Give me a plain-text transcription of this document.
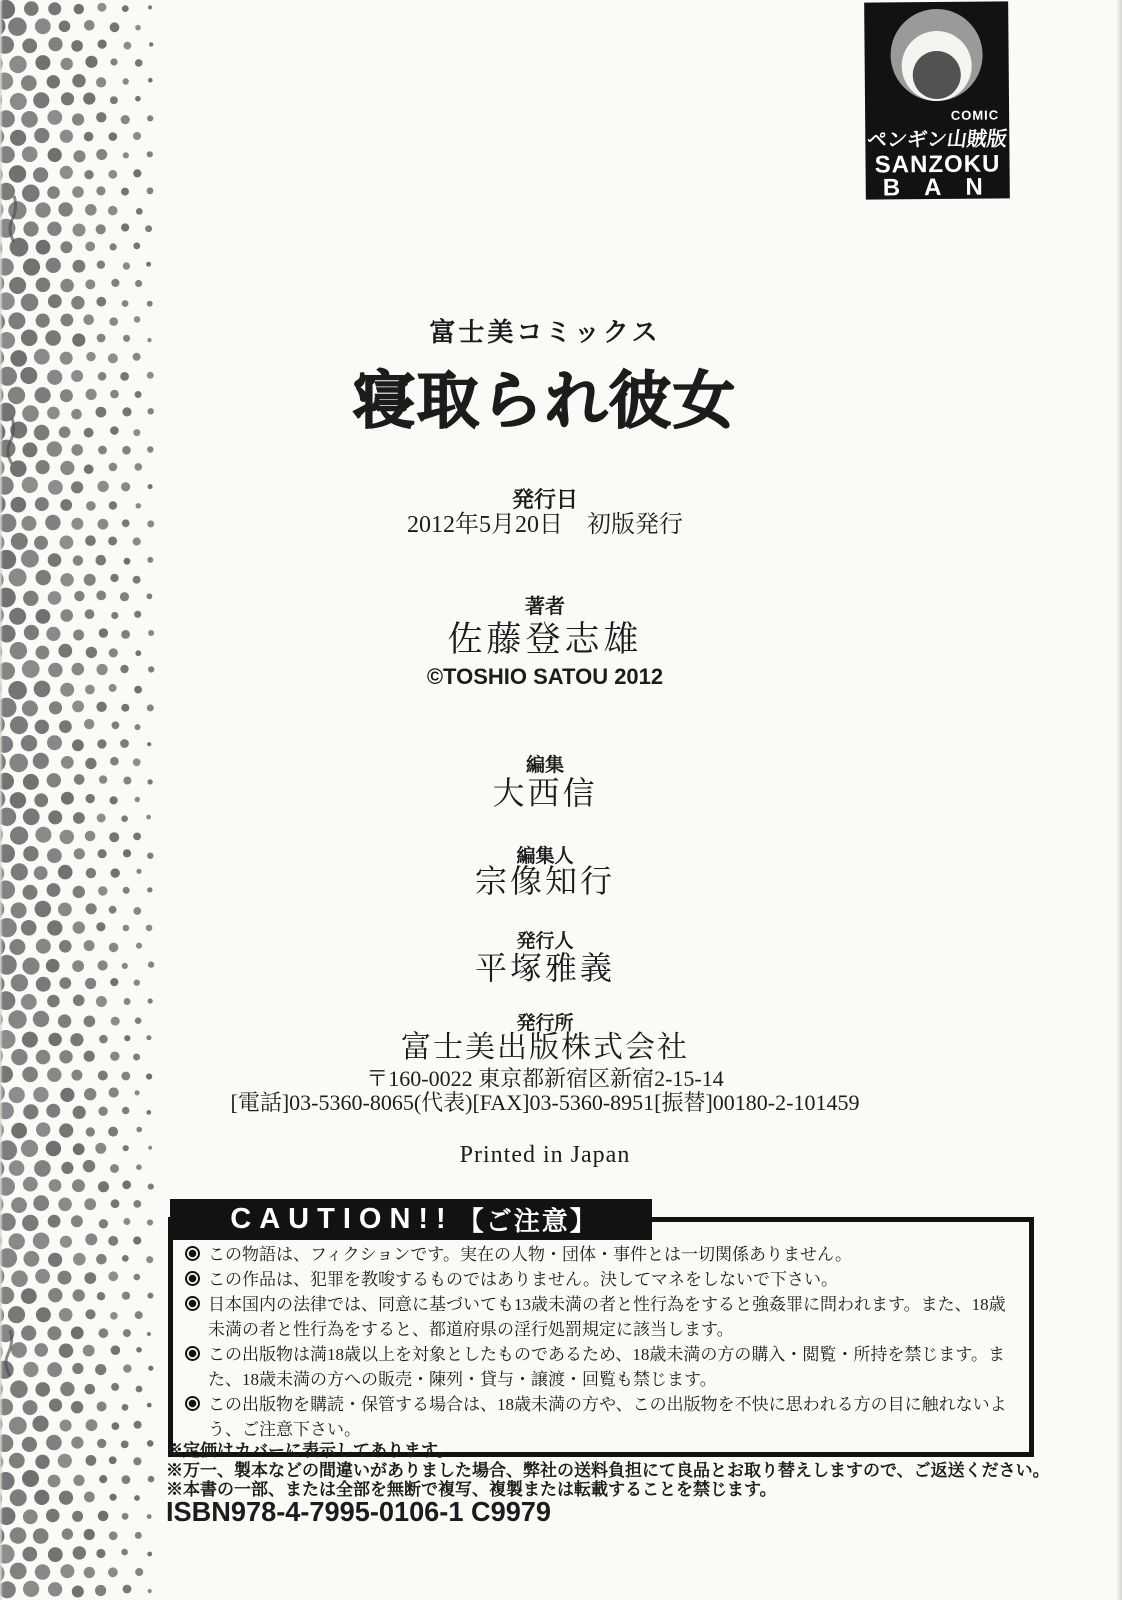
COMIC
ペンギン山賊版
SANZOKU
BAN
富士美コミックス
寝取られ彼女
発行日
2012年5月20日　初版発行
著者
佐藤登志雄
©TOSHIO SATOU 2012
編集
大西信
編集人
宗像知行
発行人
平塚雅義
発行所
富士美出版株式会社
〒160-0022 東京都新宿区新宿2-15-14
[電話]03-5360-8065(代表)[FAX]03-5360-8951[振替]00180-2-101459
Printed in Japan
この物語は、フィクションです。実在の人物・団体・事件とは一切関係ありません。
この作品は、犯罪を教唆するものではありません。決してマネをしないで下さい。
日本国内の法律では、同意に基づいても13歳未満の者と性行為をすると強姦罪に問われます。また、18歳未満の者と性行為をすると、都道府県の淫行処罰規定に該当します。
この出版物は満18歳以上を対象としたものであるため、18歳未満の方の購入・閲覧・所持を禁じます。また、18歳未満の方への販売・陳列・貸与・譲渡・回覧も禁じます。
この出版物を購読・保管する場合は、18歳未満の方や、この出版物を不快に思われる方の目に触れないよう、ご注意下さい。
CAUTION!! 【ご注意】
※定価はカバーに表示してあります。
※万一、製本などの間違いがありました場合、弊社の送料負担にて良品とお取り替えしますので、ご返送ください。
※本書の一部、または全部を無断で複写、複製または転載することを禁じます。
ISBN978-4-7995-0106-1 C9979
